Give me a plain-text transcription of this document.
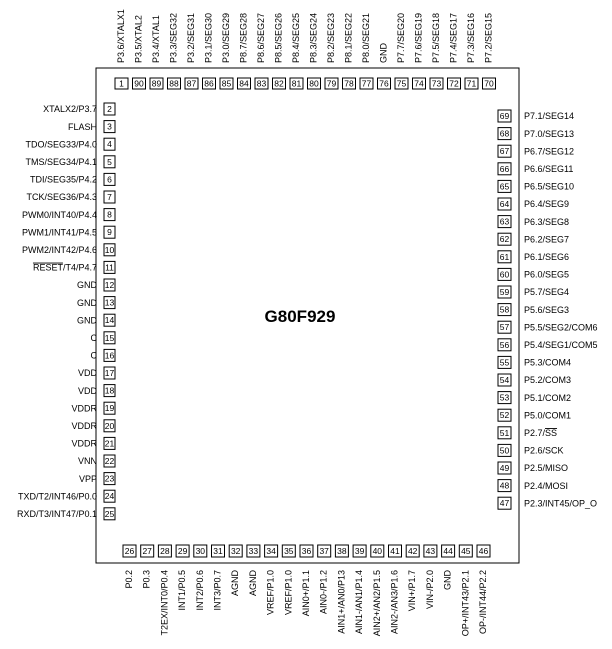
G80F929
2
XTALX2/P3.7
3
FLASH
4
TDO/SEG33/P4.0
5
TMS/SEG34/P4.1
6
TDI/SEG35/P4.2
7
TCK/SEG36/P4.3
8
PWM0/INT40/P4.4
9
PWM1/INT41/P4.5
10
PWM2/INT42/P4.6
11
RESET/T4/P4.7
12
GND
13
GND
14
GND
15
C
16
C
17
VDD
18
VDD
19
VDDR
20
VDDR
21
VDDR
22
VNN
23
VPP
24
TXD/T2/INT46/P0.0
25
RXD/T3/INT47/P0.1
69 P7.1/SEG14
68 P7.0/SEG13
67 P6.7/SEG12
66 P6.6/SEG11
65 P6.5/SEG10
64 P6.4/SEG9
63 P6.3/SEG8
62 P6.2/SEG7
61 P6.1/SEG6
60 P6.0/SEG5
59 P5.7/SEG4
58 P5.6/SEG3
57 P5.5/SEG2/COM6
56 P5.4/SEG1/COM5
55 P5.3/COM4
54 P5.2/COM3
53 P5.1/COM2
52 P5.0/COM1
51 P2.7/SS
50 P2.6/SCK
49 P2.5/MISO
48 P2.4/MOSI
47 P2.3/INT45/OP_O
1
P3.6/XTALX1
90
P3.5/XTAL2
89
P3.4/XTAL1
88
P3.3/SEG32
87
P3.2/SEG31
86
P3.1/SEG30
85
P3.0/SEG29
84
P8.7/SEG28
83
P8.6/SEG27
82
P8.5/SEG26
81
P8.4/SEG25
80
P8.3/SEG24
79
P8.2/SEG23
78
P8.1/SEG22
77
P8.0/SEG21
76
GND
75
P7.7/SEG20
74
P7.6/SEG19
73
P7.5/SEG18
72
P7.4/SEG17
71
P7.3/SEG16
70
P7.2/SEG15
26
P0.2
27
P0.3
28
T2EX/INT0/P0.4
29
INT1/P0.5
30
INT2/P0.6
31
INT3/P0.7
32
AGND
33
AGND
34
VREF/P1.0
35
VREF/P1.0
36
AIN0+/P1.1
37
AIN0-/P1.2
38
AIN1+/AN0/P13
39
AIN1-/AN1/P1.4
40
AIN2+/AN2/P1.5
41
AIN2-/AN3/P1.6
42
VIN+/P1.7
43
VIN-/P2.0
44
GND
45
OP+/INT43/P2.1
46
OP-/INT44/P2.2
